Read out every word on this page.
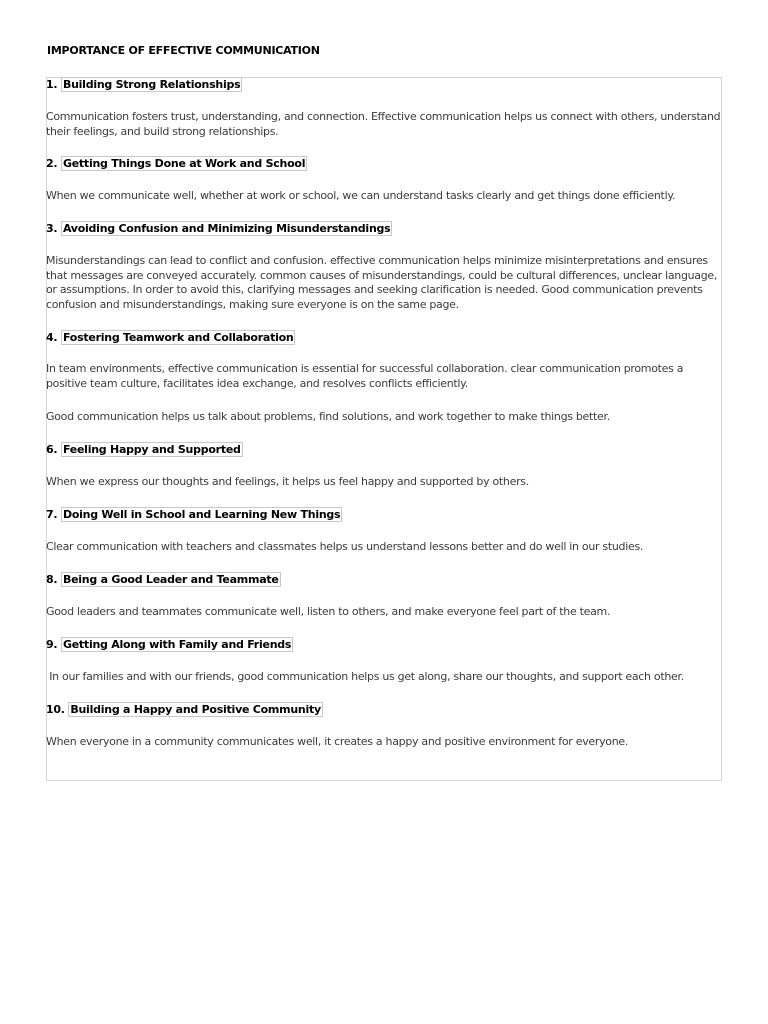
IMPORTANCE OF EFFECTIVE COMMUNICATION
1. Building Strong Relationships
Communication fosters trust, understanding, and connection. Effective communication helps us connect with others, understand their feelings, and build strong relationships.
2. Getting Things Done at Work and School
When we communicate well, whether at work or school, we can understand tasks clearly and get things done efficiently.
3. Avoiding Confusion and Minimizing Misunderstandings
Misunderstandings can lead to conflict and confusion. effective communication helps minimize misinterpretations and ensures that messages are conveyed accurately. common causes of misunderstandings, could be cultural differences, unclear language, or assumptions. In order to avoid this, clarifying messages and seeking clarification is needed. Good communication prevents confusion and misunderstandings, making sure everyone is on the same page.
4. Fostering Teamwork and Collaboration
In team environments, effective communication is essential for successful collaboration. clear communication promotes a positive team culture, facilitates idea exchange, and resolves conflicts efficiently.
Good communication helps us talk about problems, find solutions, and work together to make things better.
6. Feeling Happy and Supported
When we express our thoughts and feelings, it helps us feel happy and supported by others.
7. Doing Well in School and Learning New Things
Clear communication with teachers and classmates helps us understand lessons better and do well in our studies.
8. Being a Good Leader and Teammate
Good leaders and teammates communicate well, listen to others, and make everyone feel part of the team.
9. Getting Along with Family and Friends
In our families and with our friends, good communication helps us get along, share our thoughts, and support each other.
10. Building a Happy and Positive Community
When everyone in a community communicates well, it creates a happy and positive environment for everyone.
